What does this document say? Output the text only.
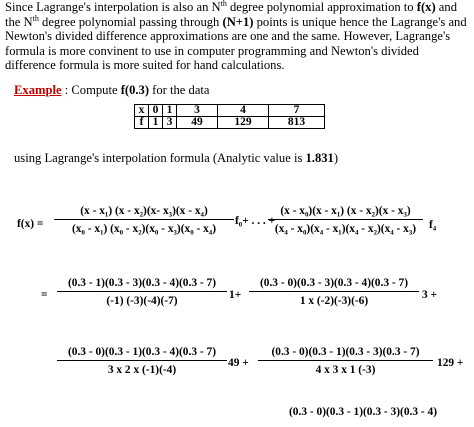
Since Lagrange's interpolation is also an $N^{th}$ degree polynomial approximation to f(x) and the $N^{th}$ degree polynomial passing through (N+1) points is unique hence the Lagrange's and Newton's divided difference approximations are one and the same. However, Lagrange's formula is more convinent to use in computer programming and Newton's divided difference formula is more suited for hand calculations.

Example : Compute f(0.3) for the data
x	0	1	3	4	7
f	1	3	49	129	813
using Lagrange's interpolation formula (Analytic value is 1.831)
f(x) =
(x - x₁) (x - x₂)(x- x₃)(x - x₄)
(x₀ - x₁) (x₀ - x₂)(x₀ - x₃)(x₀ - x₄)
f₀+ . . . +
(x - x₀)(x - x₁) (x - x₂)(x - x₃)
(x₄ - x₀)(x₄ - x₁)(x₄ - x₂)(x₄ - x₃)	f₄
=
(0.3 - 1)(0.3 - 3)(0.3 - 4)(0.3 - 7)
(-1) (-3)(-4)(-7)	1+
(0.3 - 0)(0.3 - 3)(0.3 - 4)(0.3 - 7)
1 x (-2)(-3)(-6)	3 +
(0.3 - 0)(0.3 - 1)(0.3 - 4)(0.3 - 7)
3 x 2 x (-1)(-4)
49 +
(0.3 - 0)(0.3 - 1)(0.3 - 3)(0.3 - 7)
4 x 3 x 1 (-3)
129 +
(0.3 - 0)(0.3 - 1)(0.3 - 3)(0.3 - 4)
